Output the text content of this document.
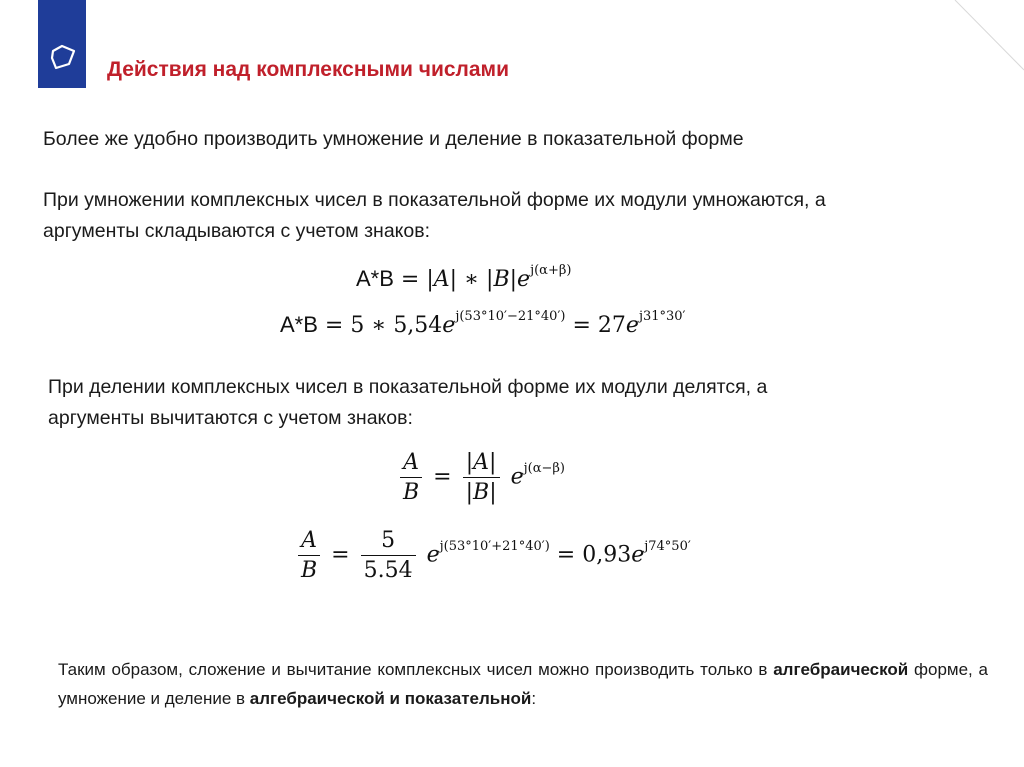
Действия над комплексными числами
Более же удобно производить умножение и деление в показательной форме
При умножении комплексных чисел в показательной форме их модули умножаются, а
аргументы складываются с учетом знаков:
A*B = |A| ∗ $|B|e^{j(\alpha+\beta)}$
A*B = 5 ∗ $5,54e^{j(53^\circ 10'-21^\circ 40')} = 27e^{j31^\circ 30'}$
При делении комплексных чисел в показательной форме их модули делятся, а
аргументы вычитаются с учетом знаков:
$\frac{A}{B} = \frac{|A|}{|B|} e^{j(\alpha-\beta)}$
$\frac{A}{B} = \frac{5}{5.54} e^{j(53^\circ 10'+21^\circ 40')} = 0,93e^{j74^\circ 50'}$
Таким образом, сложение и вычитание комплексных чисел можно производить только в алгебраической форме, а умножение и деление в алгебраической и показательной:
